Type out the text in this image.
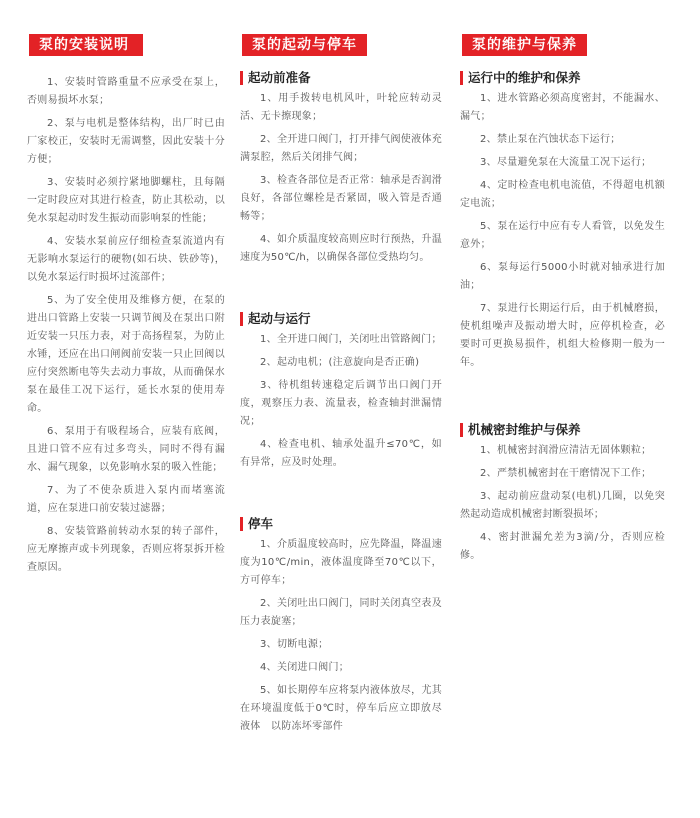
泵的安装说明

1、安装时管路重量不应承受在泵上，否则易损坏水泵；

2、泵与电机是整体结构，出厂时已由厂家校正，安装时无需调整，因此安装十分方便；

3、安装时必须拧紧地脚螺柱，且每隔一定时段应对其进行检查，防止其松动，以免水泵起动时发生振动而影响泵的性能；

4、安装水泵前应仔细检查泵流道内有无影响水泵运行的硬物(如石块、铁砂等)，以免水泵运行时损坏过流部件；

5、为了安全使用及维修方便，在泵的进出口管路上安装一只调节阀及在泵出口附近安装一只压力表，对于高扬程泵，为防止水锤，还应在出口闸阀前安装一只止回阀以应付突然断电等失去动力事故，从而确保水泵在最佳工况下运行，延长水泵的使用寿命。

6、泵用于有吸程场合，应装有底阀，且进口管不应有过多弯头，同时不得有漏水、漏气现象，以免影响水泵的吸入性能；

7、为了不使杂质进入泵内而堵塞流道，应在泵进口前安装过滤器；

8、安装管路前转动水泵的转子部件，应无摩擦声或卡列现象，否则应将泵拆开检查原因。

泵的起动与停车
起动前准备

1、用手拨转电机风叶，叶轮应转动灵活、无卡擦现象；

2、全开进口阀门，打开排气阀使液体充满泵腔，然后关闭排气阀；

3、检查各部位是否正常：轴承是否润滑良好，各部位螺栓是否紧固，吸入管是否通畅等；

4、如介质温度较高则应时行预热，升温速度为50℃/h，以确保各部位受热均匀。

起动与运行

1、全开进口阀门，关闭吐出管路阀门；

2、起动电机；(注意旋向是否正确)

3、待机组转速稳定后调节出口阀门开度，观察压力表、流量表，检查轴封泄漏情况；

4、检查电机、轴承处温升≤70℃，如有异常，应及时处理。

停车

1、介质温度较高时，应先降温，降温速度为10℃/min，液体温度降至70℃以下，方可停车；

2、关闭吐出口阀门，同时关闭真空表及压力表旋塞；

3、切断电源；

4、关闭进口阀门；

5、如长期停车应将泵内液体放尽，尤其在环境温度低于0℃时，停车后应立即放尽液体　以防冻坏零部件

泵的维护与保养
运行中的维护和保养

1、进水管路必须高度密封，不能漏水、漏气；

2、禁止泵在汽蚀状态下运行；

3、尽量避免泵在大流量工况下运行；

4、定时检查电机电流值，不得超电机额定电流；

5、泵在运行中应有专人看管，以免发生意外；

6、泵每运行5000小时就对轴承进行加油；

7、泵进行长期运行后，由于机械磨损，使机组噪声及振动增大时，应停机检查，必要时可更换易损件，机组大检修期一般为一年。

机械密封维护与保养

1、机械密封润滑应清洁无固体颗粒；

2、严禁机械密封在干磨情况下工作；

3、起动前应盘动泵(电机)几圈，以免突然起动造成机械密封断裂损坏；

4、密封泄漏允差为3滴/分，否则应检修。
